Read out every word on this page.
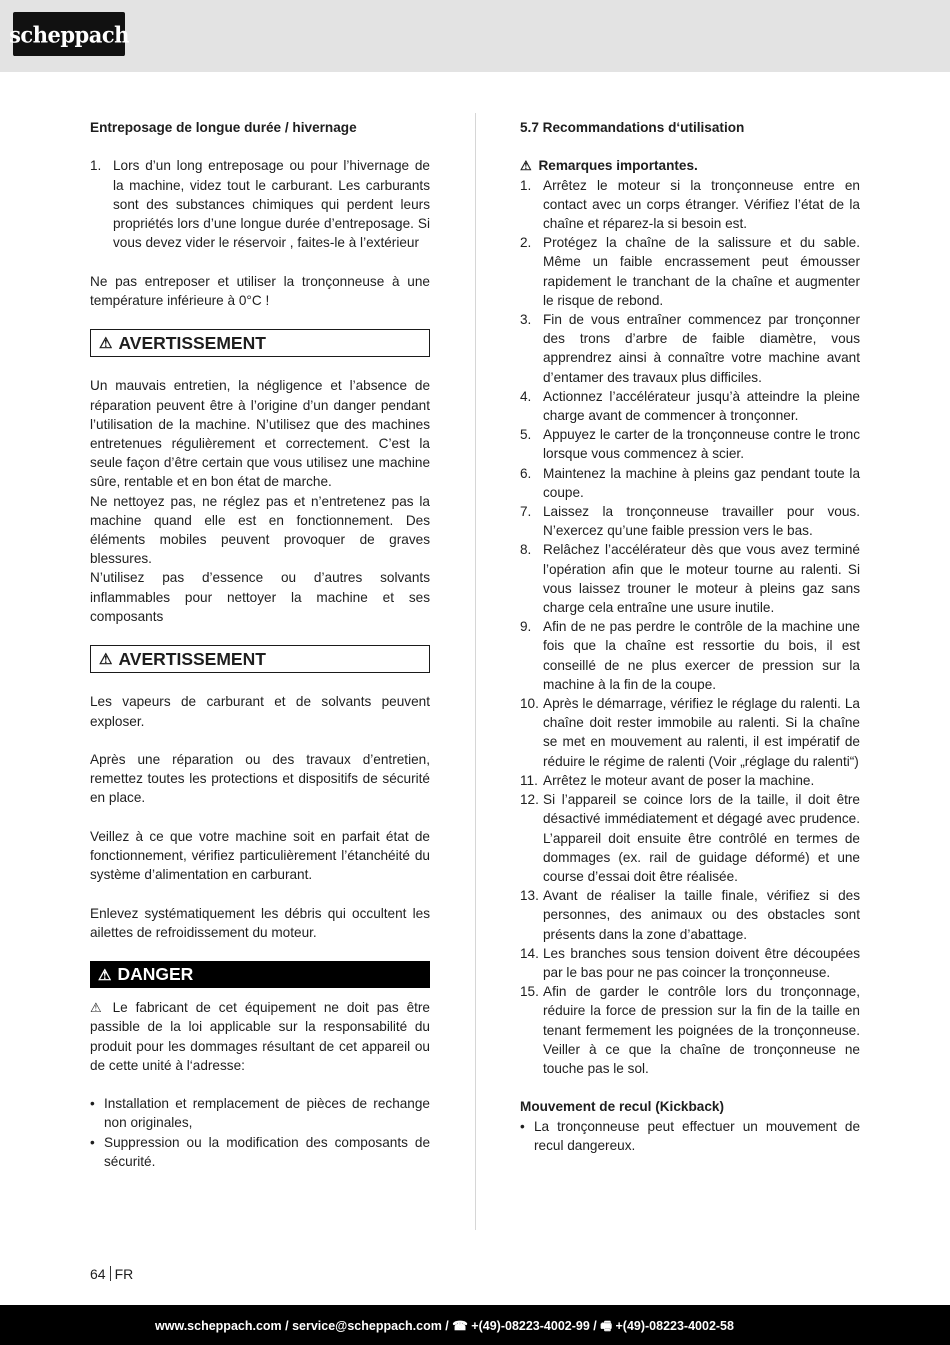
scheppach
Entreposage de longue durée / hivernage
1. Lors d’un long entreposage ou pour l’hivernage de la machine, videz tout le carburant. Les carburants sont des substances chimiques qui perdent leurs propriétés lors d’une longue durée d’entreposage. Si vous devez vider le réservoir , faites-le à l’extérieur
Ne pas entreposer et utiliser la tronçonneuse à une température inférieure à 0°C !
⚠ AVERTISSEMENT
Un mauvais entretien, la négligence et l’absence de réparation peuvent être à l’origine d’un danger pendant l’utilisation de la machine. N’utilisez que des machines entretenues régulièrement et correctement. C’est la seule façon d’être certain que vous utilisez une machine sûre, rentable et en bon état de marche.
Ne nettoyez pas, ne réglez pas et n’entretenez pas la machine quand elle est en fonctionnement. Des éléments mobiles peuvent provoquer de graves blessures.
N’utilisez pas d’essence ou d’autres solvants inflammables pour nettoyer la machine et ses composants
⚠ AVERTISSEMENT
Les vapeurs de carburant et de solvants peuvent exploser.
Après une réparation ou des travaux d’entretien, remettez toutes les protections et dispositifs de sécurité en place.
Veillez à ce que votre machine soit en parfait état de fonctionnement, vérifiez particulièrement l’étanchéité du système d’alimentation en carburant.
Enlevez systématiquement les débris qui occultent les ailettes de refroidissement du moteur.
⚠ DANGER
⚠ Le fabricant de cet équipement ne doit pas être passible de la loi applicable sur la responsabilité du produit pour les dommages résultant de cet appareil ou de cette unité à l‘adresse:
• Installation et remplacement de pièces de rechange non originales,
• Suppression ou la modification des composants de sécurité.
5.7 Recommandations d‘utilisation
⚠ Remarques importantes.
1. Arrêtez le moteur si la tronçonneuse entre en contact avec un corps étranger. Vérifiez l’état de la chaîne et réparez-la si besoin est.
2. Protégez la chaîne de la salissure et du sable. Même un faible encrassement peut émousser rapidement le tranchant de la chaîne et augmenter le risque de rebond.
3. Fin de vous entraîner commencez par tronçonner des trons d’arbre de faible diamètre, vous apprendrez ainsi à connaître votre machine avant d’entamer des travaux plus difficiles.
4. Actionnez l’accélérateur jusqu’à atteindre la pleine charge avant de commencer à tronçonner.
5. Appuyez le carter de la tronçonneuse contre le tronc lorsque vous commencez à scier.
6. Maintenez la machine à pleins gaz pendant toute la coupe.
7. Laissez la tronçonneuse travailler pour vous. N’exercez qu’une faible pression vers le bas.
8. Relâchez l’accélérateur dès que vous avez terminé l’opération afin que le moteur tourne au ralenti. Si vous laissez trouner le moteur à pleins gaz sans charge cela entraîne une usure inutile.
9. Afin de ne pas perdre le contrôle de la machine une fois que la chaîne est ressortie du bois, il est conseillé de ne plus exercer de pression sur la machine à la fin de la coupe.
10. Après le démarrage, vérifiez le réglage du ralenti. La chaîne doit rester immobile au ralenti. Si la chaîne se met en mouvement au ralenti, il est impératif de réduire le régime de ralenti (Voir „réglage du ralenti“)
11. Arrêtez le moteur avant de poser la machine.
12. Si l’appareil se coince lors de la taille, il doit être désactivé immédiatement et dégagé avec prudence. L’appareil doit ensuite être contrôlé en termes de dommages (ex. rail de guidage déformé) et une course d’essai doit être réalisée.
13. Avant de réaliser la taille finale, vérifiez si des personnes, des animaux ou des obstacles sont présents dans la zone d’abattage.
14. Les branches sous tension doivent être découpées par le bas pour ne pas coincer la tronçonneuse.
15. Afin de garder le contrôle lors du tronçonnage, réduire la force de pression sur la fin de la taille en tenant fermement les poignées de la tronçonneuse. Veiller à ce que la chaîne de tronçonneuse ne touche pas le sol.
Mouvement de recul (Kickback)
• La tronçonneuse peut effectuer un mouvement de recul dangereux.
64 FR
www.scheppach.com / service@scheppach.com / ☎ +(49)-08223-4002-99 / 🖷 +(49)-08223-4002-58
